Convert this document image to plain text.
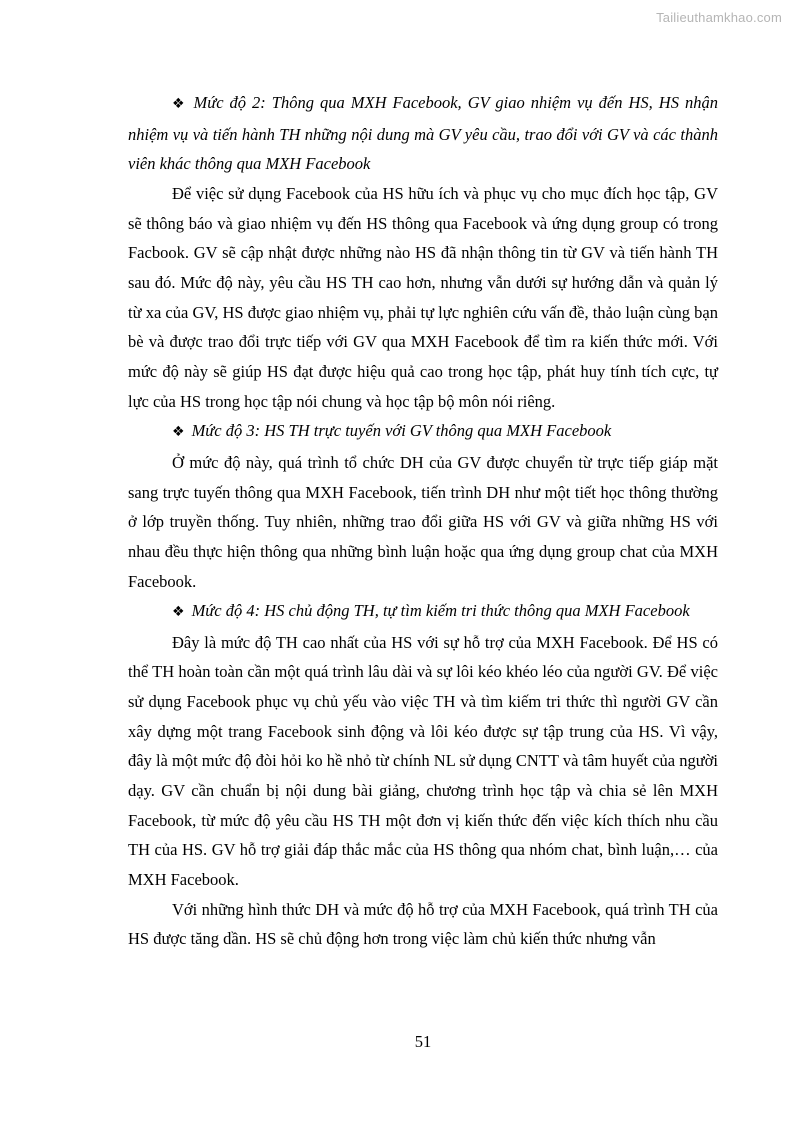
Tailieuthamkhao.com

❖ Mức độ 2: Thông qua MXH Facebook, GV giao nhiệm vụ đến HS, HS nhận nhiệm vụ và tiến hành TH những nội dung mà GV yêu cầu, trao đổi với GV và các thành viên khác thông qua MXH Facebook

Để việc sử dụng Facebook của HS hữu ích và phục vụ cho mục đích học tập, GV sẽ thông báo và giao nhiệm vụ đến HS thông qua Facebook và ứng dụng group có trong Facbook. GV sẽ cập nhật được những nào HS đã nhận thông tin từ GV và tiến hành TH sau đó. Mức độ này, yêu cầu HS TH cao hơn, nhưng vẫn dưới sự hướng dẫn và quản lý từ xa của GV, HS được giao nhiệm vụ, phải tự lực nghiên cứu vấn đề, thảo luận cùng bạn bè và được trao đổi trực tiếp với GV qua MXH Facebook để tìm ra kiến thức mới. Với mức độ này sẽ giúp HS đạt được hiệu quả cao trong học tập, phát huy tính tích cực, tự lực của HS trong học tập nói chung và học tập bộ môn nói riêng.

❖ Mức độ 3: HS TH trực tuyến với GV thông qua MXH Facebook

Ở mức độ này, quá trình tổ chức DH của GV được chuyển từ trực tiếp giáp mặt sang trực tuyến thông qua MXH Facebook, tiến trình DH như một tiết học thông thường ở lớp truyền thống. Tuy nhiên, những trao đổi giữa HS với GV và giữa những HS với nhau đều thực hiện thông qua những bình luận hoặc qua ứng dụng group chat của MXH Facebook.

❖ Mức độ 4: HS chủ động TH, tự tìm kiếm tri thức thông qua MXH Facebook

Đây là mức độ TH cao nhất của HS với sự hỗ trợ của MXH Facebook. Để HS có thể TH hoàn toàn cần một quá trình lâu dài và sự lôi kéo khéo léo của người GV. Để việc sử dụng Facebook phục vụ chủ yếu vào việc TH và tìm kiếm tri thức thì người GV cần xây dựng một trang Facebook sinh động và lôi kéo được sự tập trung của HS. Vì vậy, đây là một mức độ đòi hỏi ko hề nhỏ từ chính NL sử dụng CNTT và tâm huyết của người dạy. GV cần chuẩn bị nội dung bài giảng, chương trình học tập và chia sẻ lên MXH Facebook, từ mức độ yêu cầu HS TH một đơn vị kiến thức đến việc kích thích nhu cầu TH của HS. GV hỗ trợ giải đáp thắc mắc của HS thông qua nhóm chat, bình luận,… của MXH Facebook.

Với những hình thức DH và mức độ hỗ trợ của MXH Facebook, quá trình TH của HS được tăng dần. HS sẽ chủ động hơn trong việc làm chủ kiến thức nhưng vẫn

51
